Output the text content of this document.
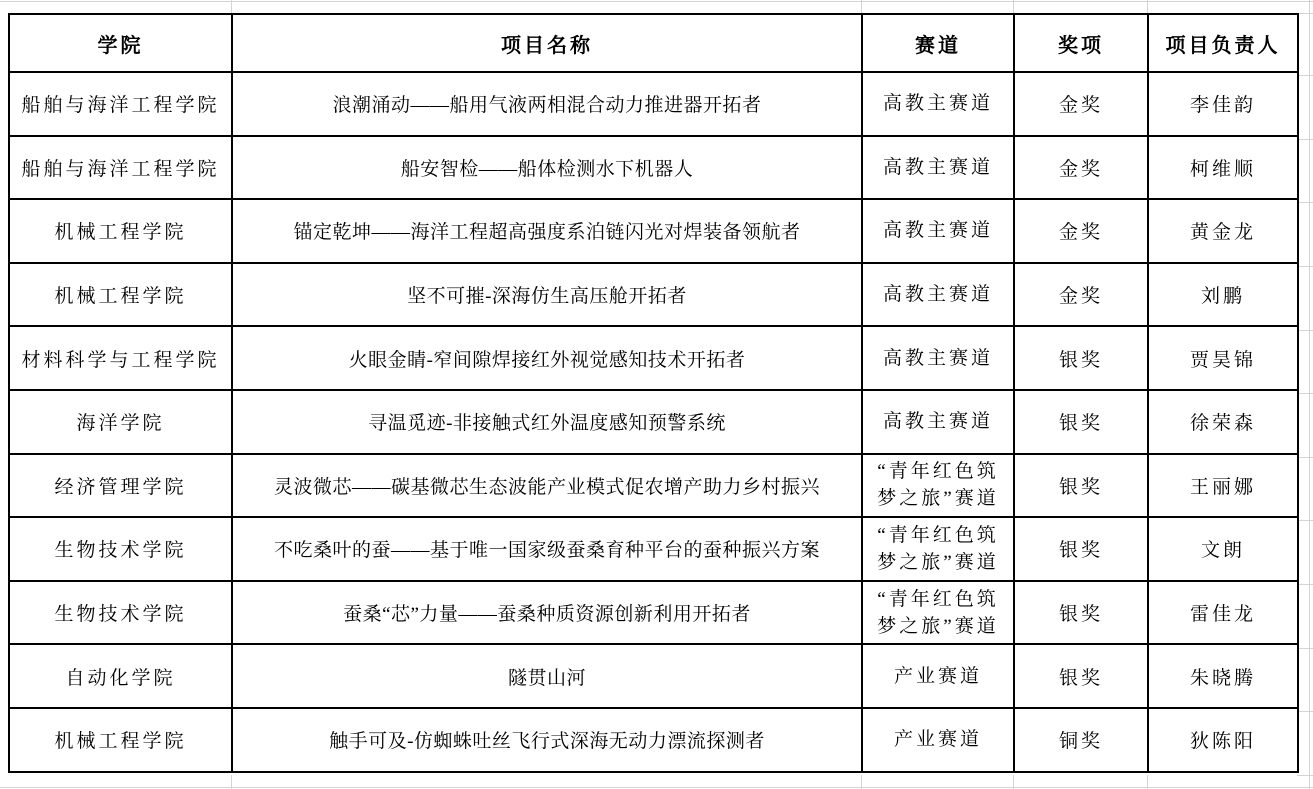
学院	项目名称	赛道	奖项	项目负责人
船舶与海洋工程学院	浪潮涌动——船用气液两相混合动力推进器开拓者	高教主赛道	金奖	李佳韵
船舶与海洋工程学院	船安智检——船体检测水下机器人	高教主赛道	金奖	柯维顺
机械工程学院	锚定乾坤——海洋工程超高强度系泊链闪光对焊装备领航者	高教主赛道	金奖	黄金龙
机械工程学院	坚不可摧-深海仿生高压舱开拓者	高教主赛道	金奖	刘鹏
材料科学与工程学院	火眼金睛-窄间隙焊接红外视觉感知技术开拓者	高教主赛道	银奖	贾昊锦
海洋学院	寻温觅迹-非接触式红外温度感知预警系统	高教主赛道	银奖	徐荣森
经济管理学院	灵波微芯——碳基微芯生态波能产业模式促农增产助力乡村振兴	“青年红色筑梦之旅”赛道	银奖	王丽娜
生物技术学院	不吃桑叶的蚕——基于唯一国家级蚕桑育种平台的蚕种振兴方案	“青年红色筑梦之旅”赛道	银奖	文朗
生物技术学院	蚕桑“芯”力量——蚕桑种质资源创新利用开拓者	“青年红色筑梦之旅”赛道	银奖	雷佳龙
自动化学院	隧贯山河	产业赛道	银奖	朱晓腾
机械工程学院	触手可及-仿蜘蛛吐丝飞行式深海无动力漂流探测者	产业赛道	铜奖	狄陈阳
